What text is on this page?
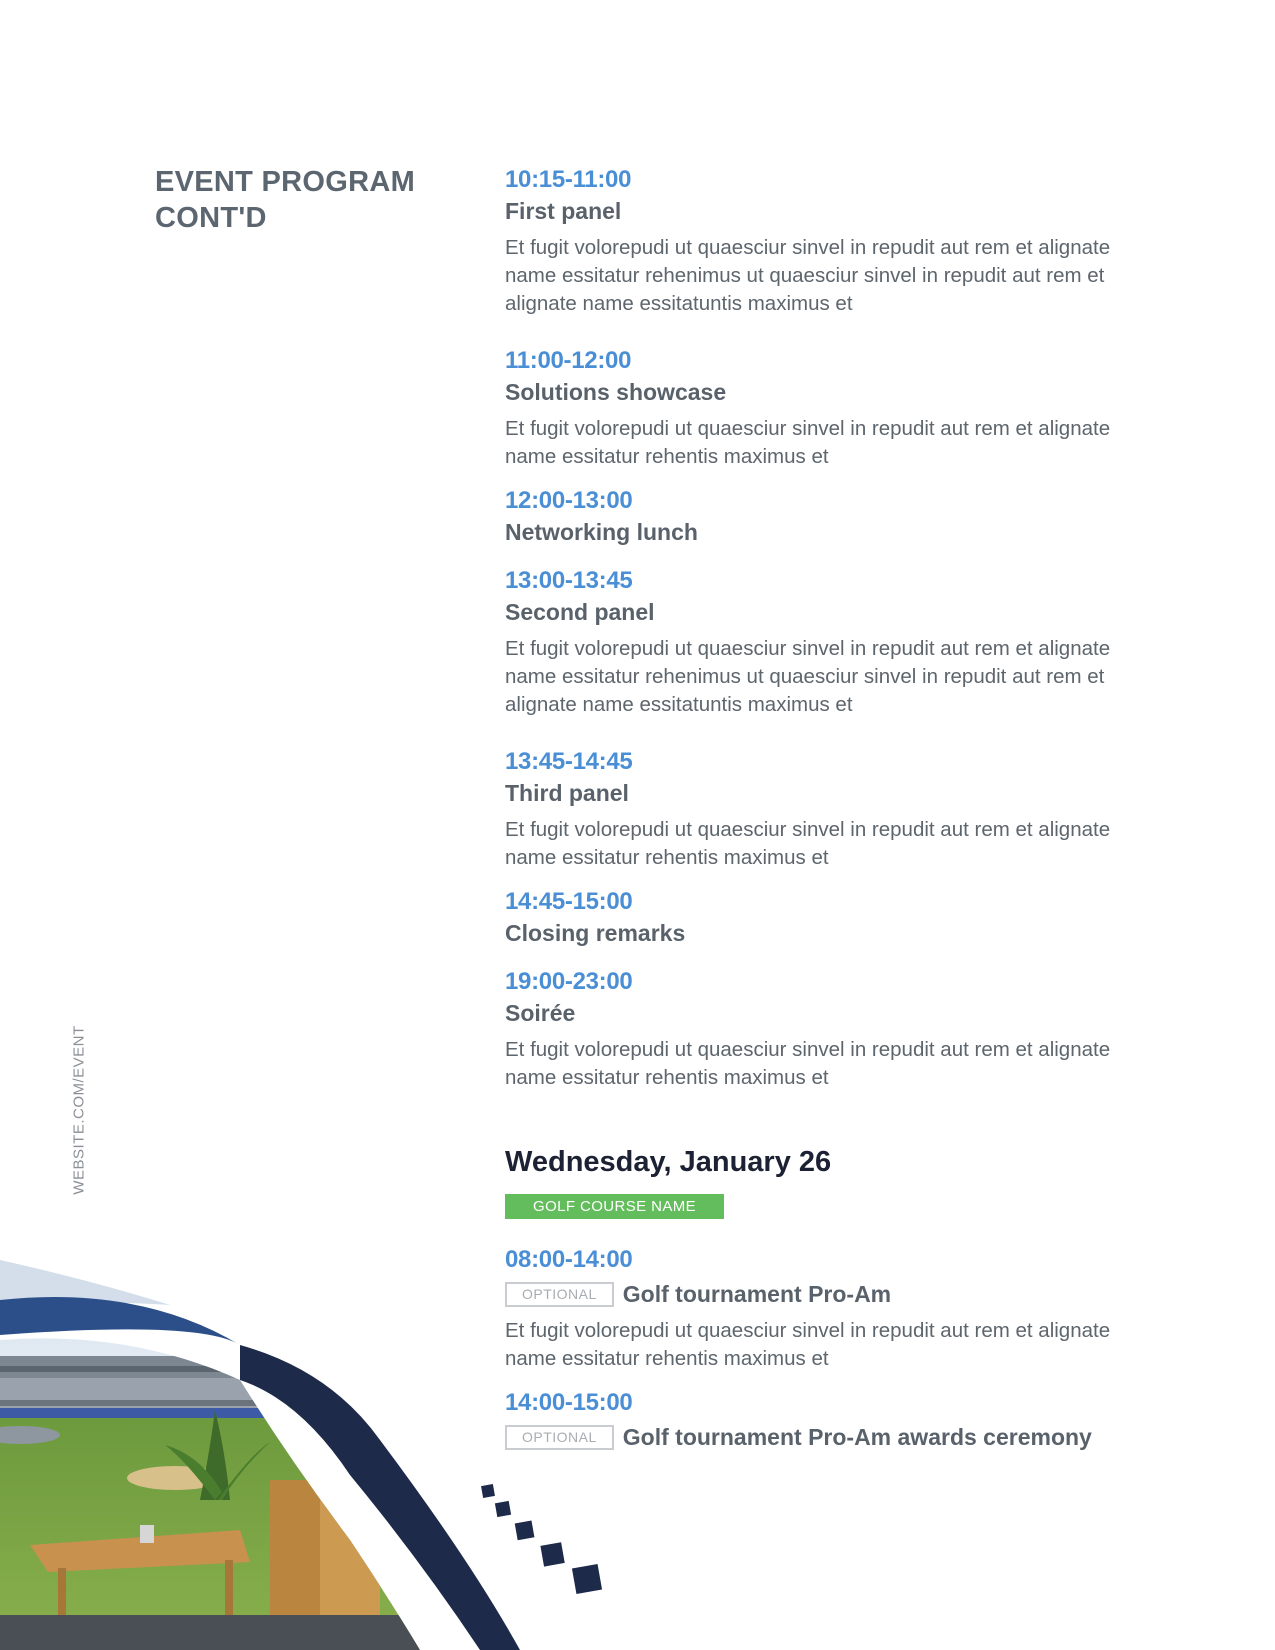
EVENT PROGRAM
CONT'D
WEBSITE.COM/EVENT
10:15-11:00
First panel
Et fugit volorepudi ut quaesciur sinvel in repudit aut rem et alignate name essitatur rehenimus ut quaesciur sinvel in repudit aut rem et alignate name essitatuntis maximus et
11:00-12:00
Solutions showcase
Et fugit volorepudi ut quaesciur sinvel in repudit aut rem et alignate name essitatur rehentis maximus et
12:00-13:00
Networking lunch
13:00-13:45
Second panel
Et fugit volorepudi ut quaesciur sinvel in repudit aut rem et alignate name essitatur rehenimus ut quaesciur sinvel in repudit aut rem et alignate name essitatuntis maximus et
13:45-14:45
Third panel
Et fugit volorepudi ut quaesciur sinvel in repudit aut rem et alignate name essitatur rehentis maximus et
14:45-15:00
Closing remarks
19:00-23:00
Soirée
Et fugit volorepudi ut quaesciur sinvel in repudit aut rem et alignate name essitatur rehentis maximus et
Wednesday, January 26
GOLF COURSE NAME
08:00-14:00
OPTIONAL	Golf tournament Pro-Am
Et fugit volorepudi ut quaesciur sinvel in repudit aut rem et alignate name essitatur rehentis maximus et
14:00-15:00
OPTIONAL	Golf tournament Pro-Am awards ceremony
